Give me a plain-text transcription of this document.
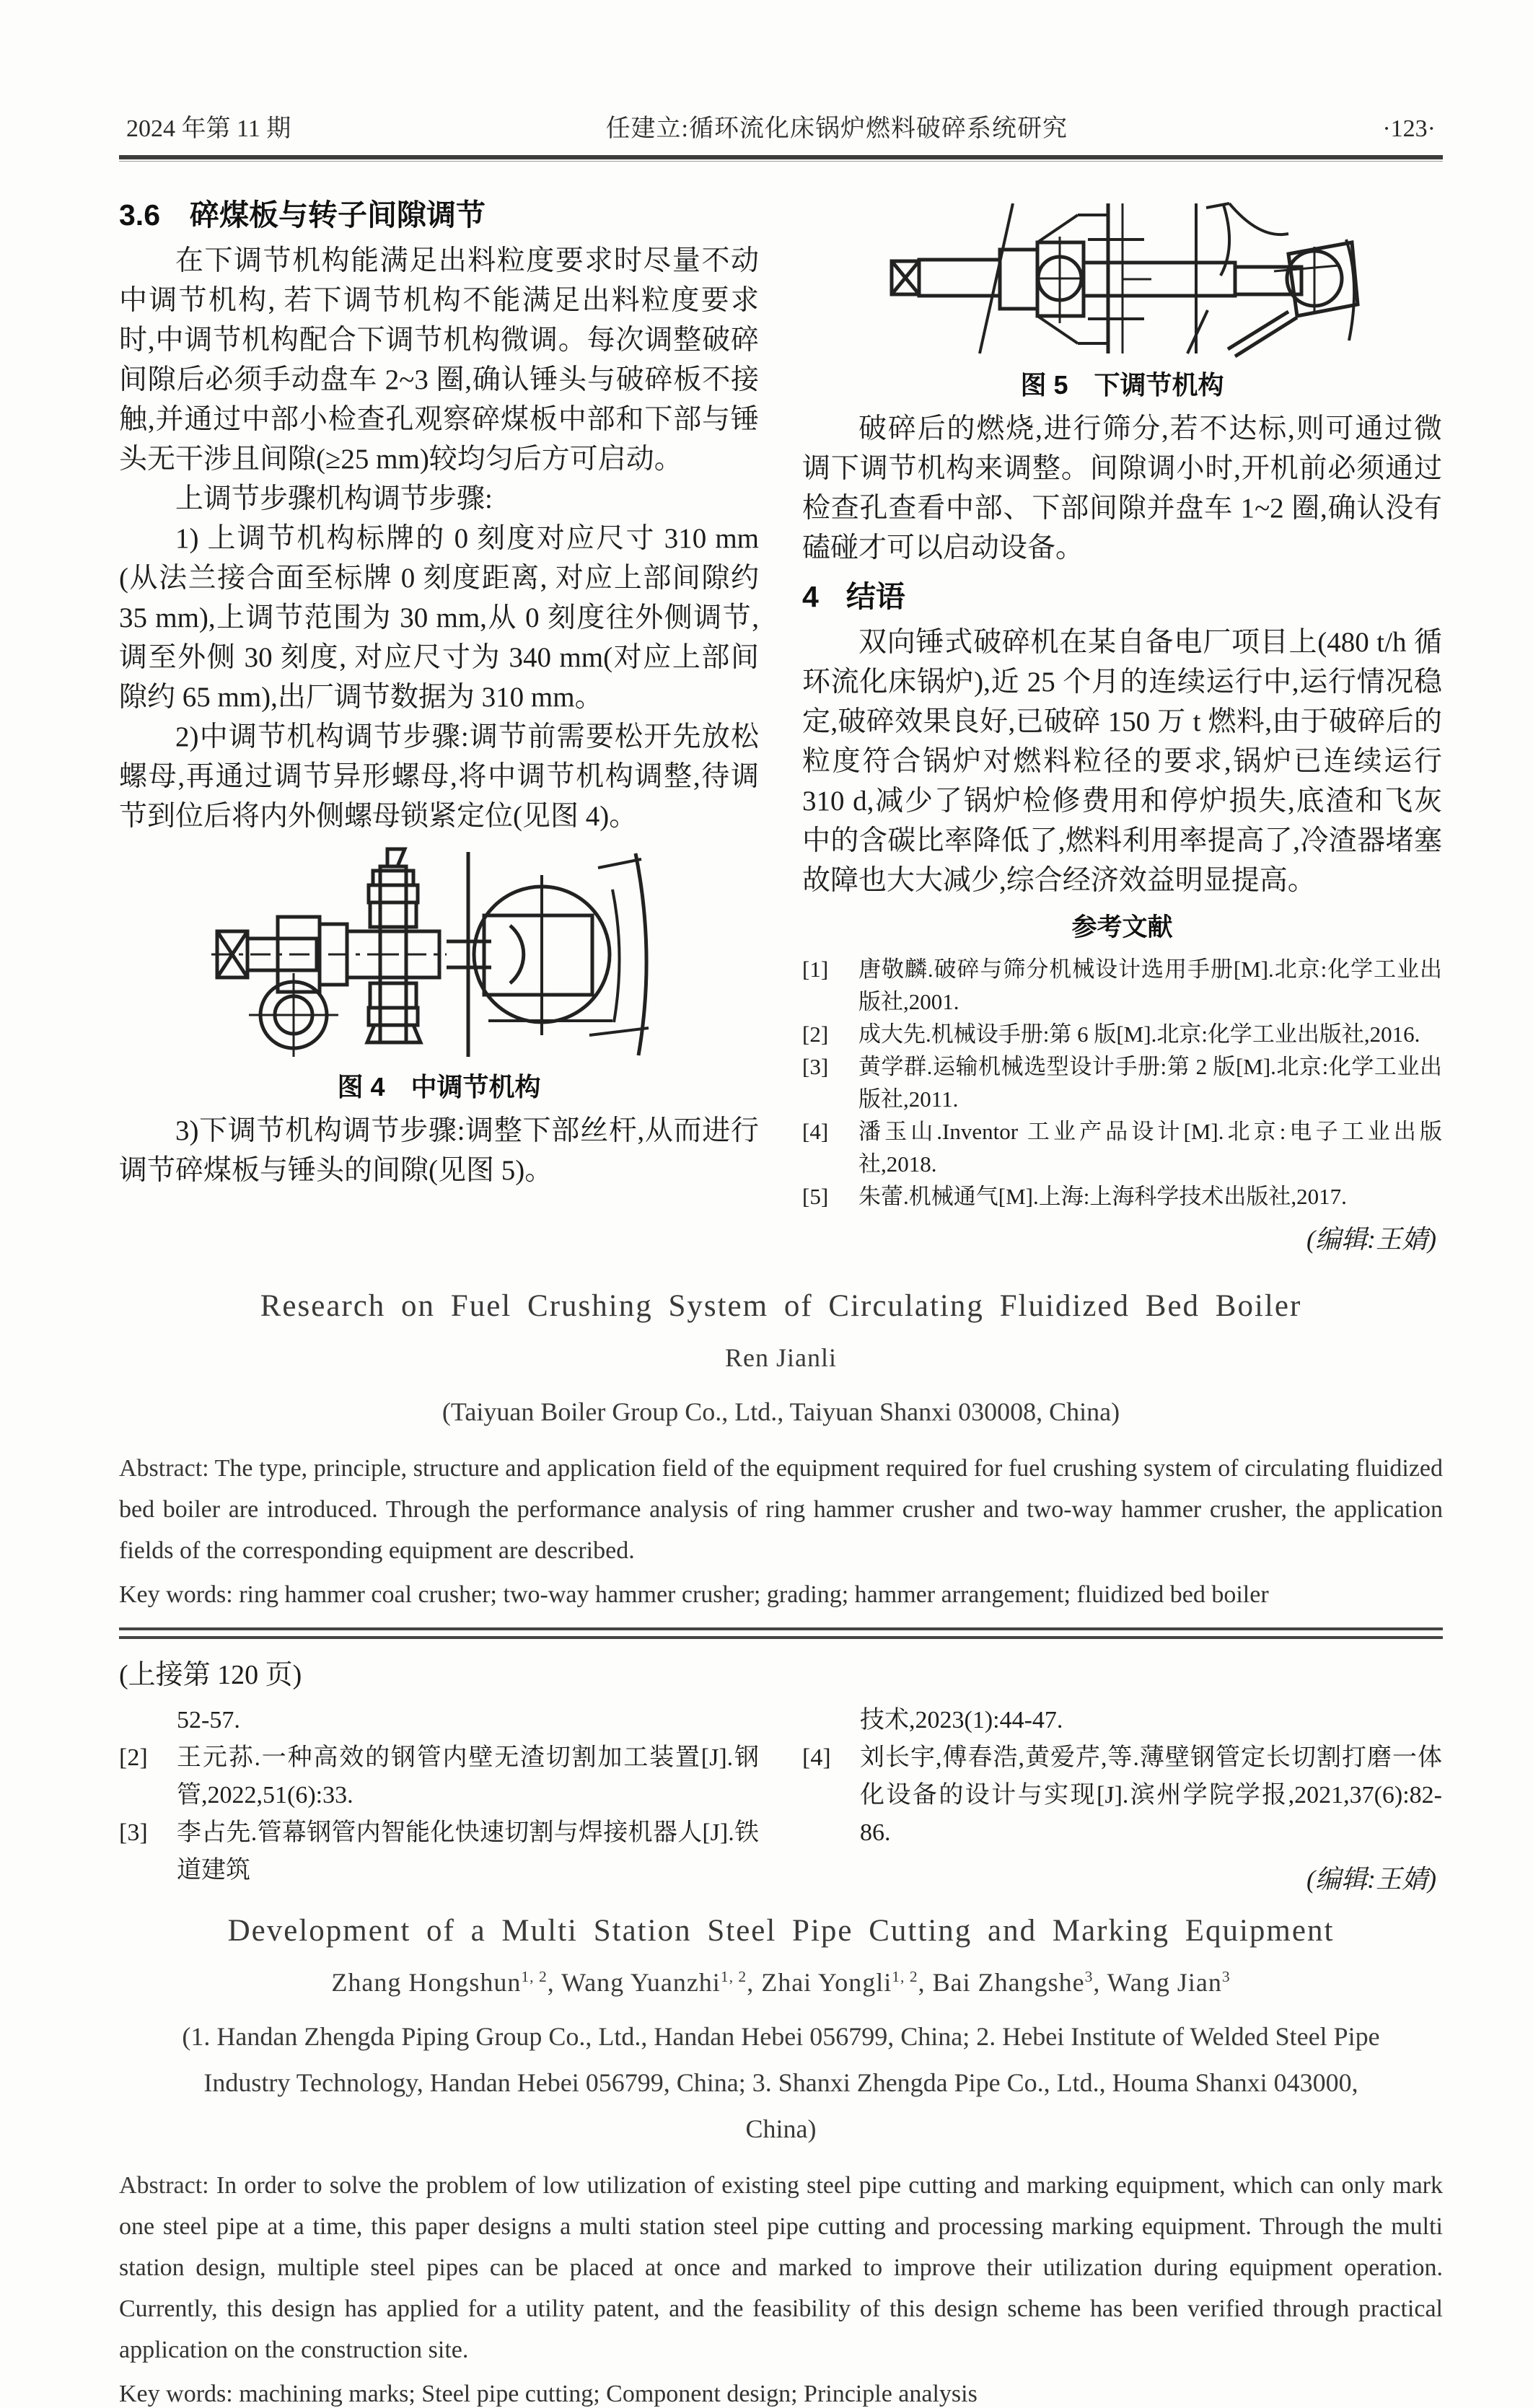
2024 年第 11 期	任建立:循环流化床锅炉燃料破碎系统研究	·123·
3.6　碎煤板与转子间隙调节

在下调节机构能满足出料粒度要求时尽量不动中调节机构, 若下调节机构不能满足出料粒度要求时,中调节机构配合下调节机构微调。每次调整破碎间隙后必须手动盘车 2~3 圈,确认锤头与破碎板不接触,并通过中部小检查孔观察碎煤板中部和下部与锤头无干涉且间隙(≥25 mm)较均匀后方可启动。

上调节步骤机构调节步骤:

1) 上调节机构标牌的 0 刻度对应尺寸 310 mm (从法兰接合面至标牌 0 刻度距离, 对应上部间隙约 35 mm),上调节范围为 30 mm,从 0 刻度往外侧调节,调至外侧 30 刻度, 对应尺寸为 340 mm(对应上部间隙约 65 mm),出厂调节数据为 310 mm。

2)中调节机构调节步骤:调节前需要松开先放松螺母,再通过调节异形螺母,将中调节机构调整,待调节到位后将内外侧螺母锁紧定位(见图 4)。

图 4　中调节机构

3)下调节机构调节步骤:调整下部丝杆,从而进行调节碎煤板与锤头的间隙(见图 5)。

图 5　下调节机构

破碎后的燃烧,进行筛分,若不达标,则可通过微调下调节机构来调整。间隙调小时,开机前必须通过检查孔查看中部、下部间隙并盘车 1~2 圈,确认没有磕碰才可以启动设备。

4 结语

双向锤式破碎机在某自备电厂项目上(480 t/h 循环流化床锅炉),近 25 个月的连续运行中,运行情况稳定,破碎效果良好,已破碎 150 万 t 燃料,由于破碎后的粒度符合锅炉对燃料粒径的要求,锅炉已连续运行 310 d,减少了锅炉检修费用和停炉损失,底渣和飞灰中的含碳比率降低了,燃料利用率提高了,冷渣器堵塞故障也大大减少,综合经济效益明显提高。

参考文献
[1]	唐敬麟.破碎与筛分机械设计选用手册[M].北京:化学工业出版社,2001.
[2]	成大先.机械设手册:第 6 版[M].北京:化学工业出版社,2016.
[3]	黄学群.运输机械选型设计手册:第 2 版[M].北京:化学工业出版社,2011.
[4]	潘玉山.Inventor 工业产品设计[M].北京:电子工业出版社,2018.
[5]	朱蕾.机械通气[M].上海:上海科学技术出版社,2017.
(编辑:王婧)
Research on Fuel Crushing System of Circulating Fluidized Bed Boiler
Ren Jianli
(Taiyuan Boiler Group Co., Ltd., Taiyuan Shanxi 030008, China)
Abstract: The type, principle, structure and application field of the equipment required for fuel crushing system of circulating fluidized bed boiler are introduced. Through the performance analysis of ring hammer crusher and two-way hammer crusher, the application fields of the corresponding equipment are described.
Key words: ring hammer coal crusher; two-way hammer crusher; grading; hammer arrangement; fluidized bed boiler
(上接第 120 页)
52-57.
[2]	王元荪.一种高效的钢管内壁无渣切割加工装置[J].钢管,2022,51(6):33.
[3]	李占先.管幕钢管内智能化快速切割与焊接机器人[J].铁道建筑
技术,2023(1):44-47.
[4]	刘长宇,傅春浩,黄爱芹,等.薄壁钢管定长切割打磨一体化设备的设计与实现[J].滨州学院学报,2021,37(6):82-86.
(编辑:王婧)
Development of a Multi Station Steel Pipe Cutting and Marking Equipment
Zhang Hongshun$^{1, 2}$, Wang Yuanzhi$^{1, 2}$, Zhai Yongli$^{1, 2}$, Bai Zhangshe$^3$, Wang Jian$^3$
(1. Handan Zhengda Piping Group Co., Ltd., Handan Hebei 056799, China; 2. Hebei Institute of Welded Steel Pipe Industry Technology, Handan Hebei 056799, China; 3. Shanxi Zhengda Pipe Co., Ltd., Houma Shanxi 043000, China)
Abstract: In order to solve the problem of low utilization of existing steel pipe cutting and marking equipment, which can only mark one steel pipe at a time, this paper designs a multi station steel pipe cutting and processing marking equipment. Through the multi station design, multiple steel pipes can be placed at once and marked to improve their utilization during equipment operation. Currently, this design has applied for a utility patent, and the feasibility of this design scheme has been verified through practical application on the construction site.
Key words: machining marks; Steel pipe cutting; Component design; Principle analysis
